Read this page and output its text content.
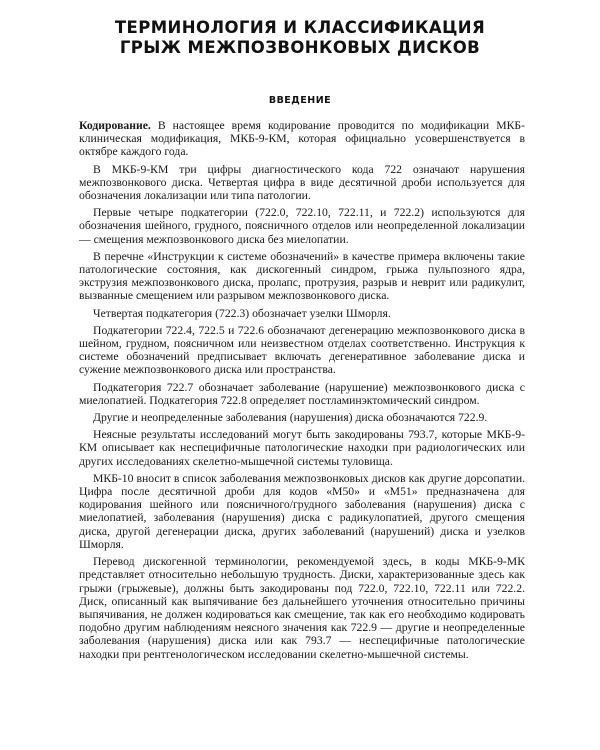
ТЕРМИНОЛОГИЯ И КЛАССИФИКАЦИЯ
ГРЫЖ МЕЖПОЗВОНКОВЫХ ДИСКОВ
ВВЕДЕНИЕ

Кодирование. В настоящее время кодирование проводится по модификации МКБ-клиническая модификация, МКБ-9-КМ, которая официально усовершенствуется в октябре каждого года.

В МКБ-9-КМ три цифры диагностического кода 722 означают нарушения межпозвонкового диска. Четвертая цифра в виде десятичной дроби используется для обозначения локализации или типа патологии.

Первые четыре подкатегории (722.0, 722.10, 722.11, и 722.2) используются для обозначения шейного, грудного, поясничного отделов или неопределенной локализации — смещения межпозвонкового диска без миелопатии.

В перечне «Инструкции к системе обозначений» в качестве примера включены такие патологические состояния, как дискогенный синдром, грыжа пульпозного ядра, экструзия межпозвонкового диска, пролапс, протрузия, разрыв и неврит или радикулит, вызванные смещением или разрывом межпозвонкового диска.

Четвертая подкатегория (722.3) обозначает узелки Шморля.

Подкатегории 722.4, 722.5 и 722.6 обозначают дегенерацию межпозвонкового диска в шейном, грудном, поясничном или неизвестном отделах соответственно. Инструкция к системе обозначений предписывает включать дегенеративное заболевание диска и сужение межпозвонкового диска или пространства.

Подкатегория 722.7 обозначает заболевание (нарушение) межпозвонкового диска с миелопатией. Подкатегория 722.8 определяет постламинэктомический синдром.

Другие и неопределенные заболевания (нарушения) диска обозначаются 722.9.

Неясные результаты исследований могут быть закодированы 793.7, которые МКБ-9-КМ описывает как неспецифичные патологические находки при радиологических или других исследованиях скелетно-мышечной системы туловища.

МКБ-10 вносит в список заболевания межпозвонковых дисков как другие дорсопатии. Цифра после десятичной дроби для кодов «M50» и «M51» предназначена для кодирования шейного или поясничного/грудного заболевания (нарушения) диска с миелопатией, заболевания (нарушения) диска с радикулопатией, другого смещения диска, другой дегенерации диска, других заболеваний (нарушений) диска и узелков Шморля.

Перевод дискогенной терминологии, рекомендуемой здесь, в коды МКБ-9-МК представляет относительно небольшую трудность. Диски, характеризованные здесь как грыжи (грыжевые), должны быть закодированы под 722.0, 722.10, 722.11 или 722.2. Диск, описанный как выпячивание без дальнейшего уточнения относительно причины выпячивания, не должен кодироваться как смещение, так как его необходимо кодировать подобно другим наблюдениям неясного значения как 722.9 — другие и неопределенные заболевания (нарушения) диска или как 793.7 — неспецифичные патологические находки при рентгенологическом исследовании скелетно-мышечной системы.
